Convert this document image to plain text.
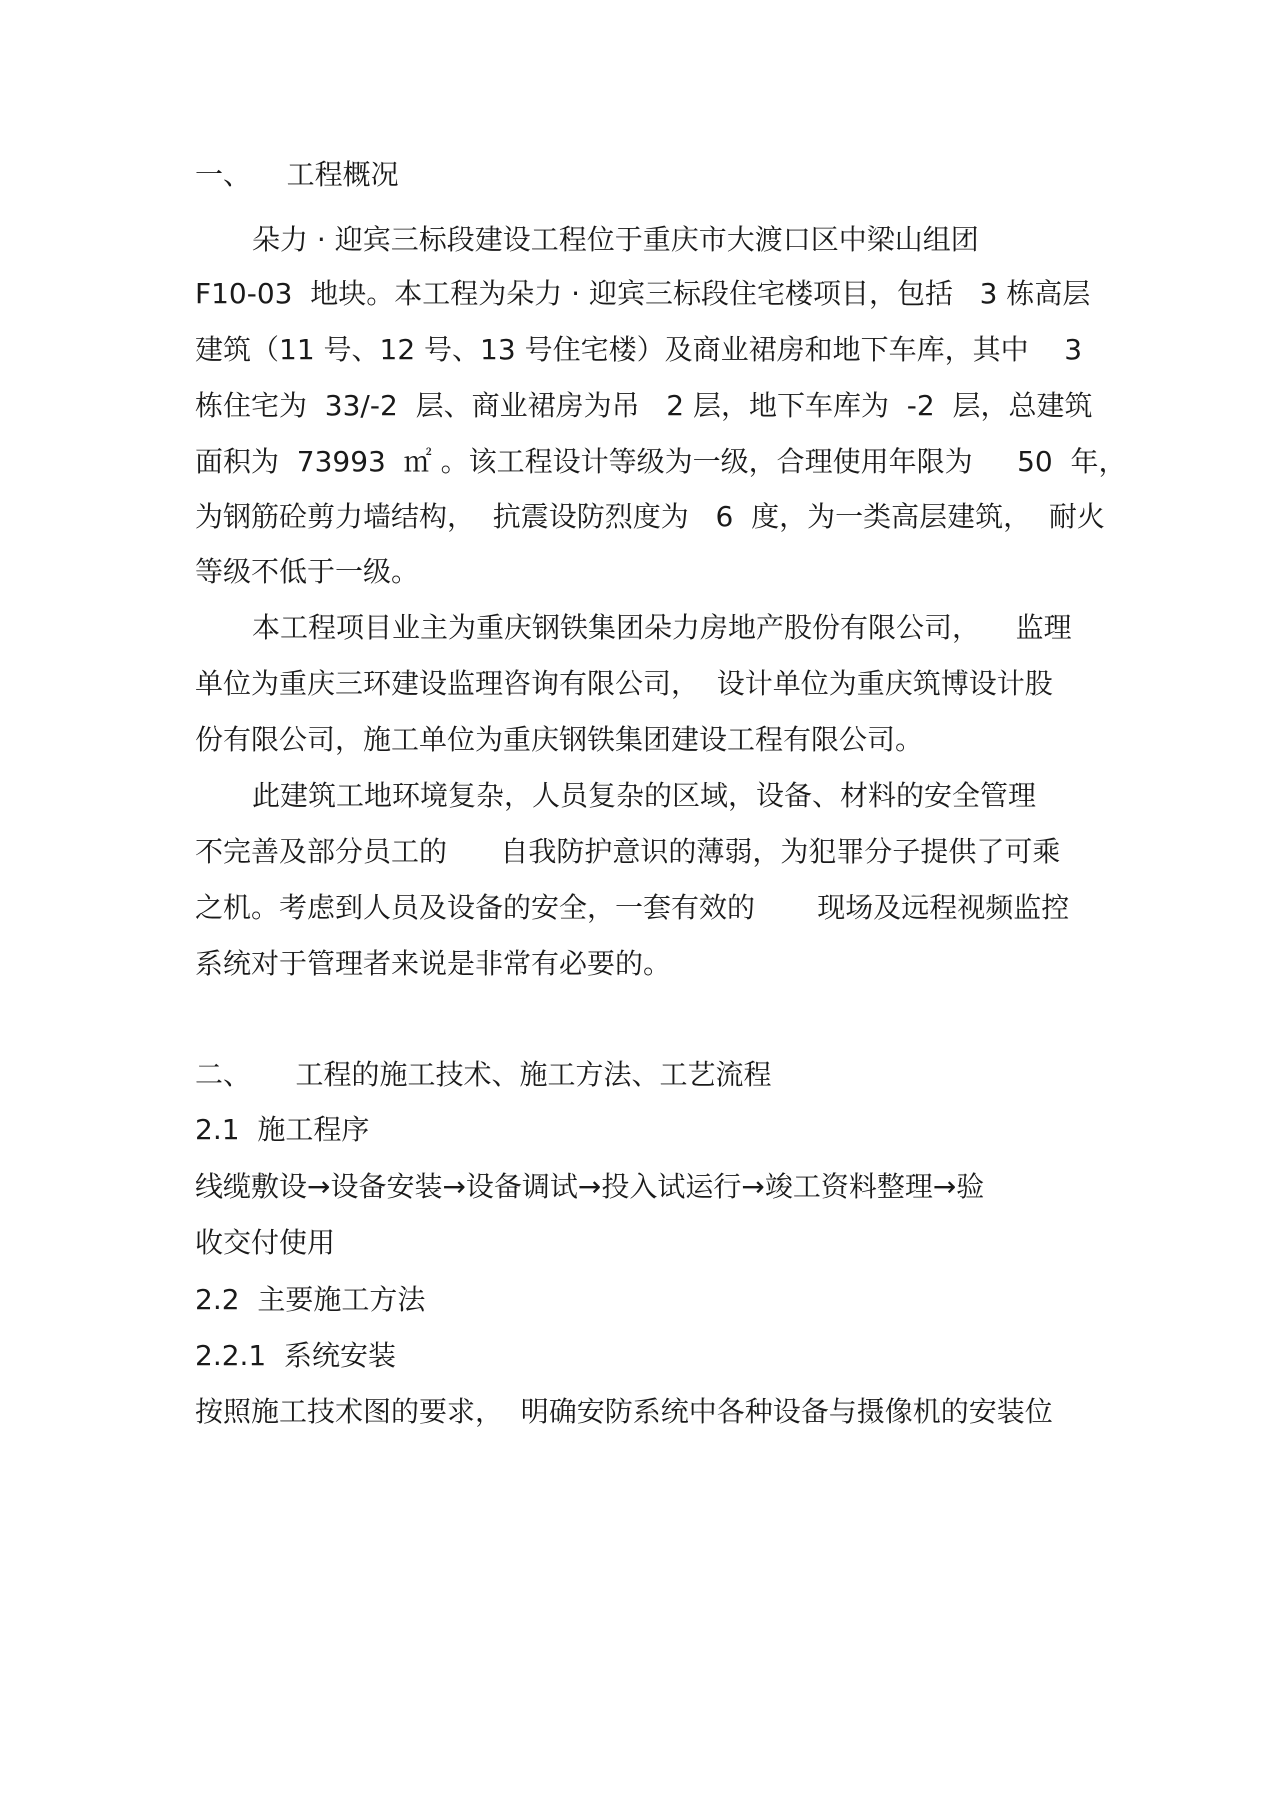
一、    工程概况
朵力 · 迎宾三标段建设工程位于重庆市大渡口区中梁山组团
F10-03  地块。本工程为朵力 · 迎宾三标段住宅楼项目，包括   3 栋高层
建筑（11 号、12 号、13 号住宅楼）及商业裙房和地下车库，其中    3
栋住宅为  33/-2  层、商业裙房为吊   2 层，地下车库为  -2  层，总建筑
面积为  73993  ㎡ 。该工程设计等级为一级，合理使用年限为     50  年，
为钢筋砼剪力墙结构，  抗震设防烈度为   6  度，为一类高层建筑，  耐火
等级不低于一级。
本工程项目业主为重庆钢铁集团朵力房地产股份有限公司，    监理
单位为重庆三环建设监理咨询有限公司，  设计单位为重庆筑博设计股
份有限公司，施工单位为重庆钢铁集团建设工程有限公司。
此建筑工地环境复杂，人员复杂的区域，设备、材料的安全管理
不完善及部分员工的      自我防护意识的薄弱，为犯罪分子提供了可乘
之机。考虑到人员及设备的安全，一套有效的       现场及远程视频监控
系统对于管理者来说是非常有必要的。
二、     工程的施工技术、施工方法、工艺流程
2.1  施工程序
线缆敷设→设备安装→设备调试→投入试运行→竣工资料整理→验
收交付使用
2.2  主要施工方法
2.2.1  系统安装
按照施工技术图的要求，  明确安防系统中各种设备与摄像机的安装位
